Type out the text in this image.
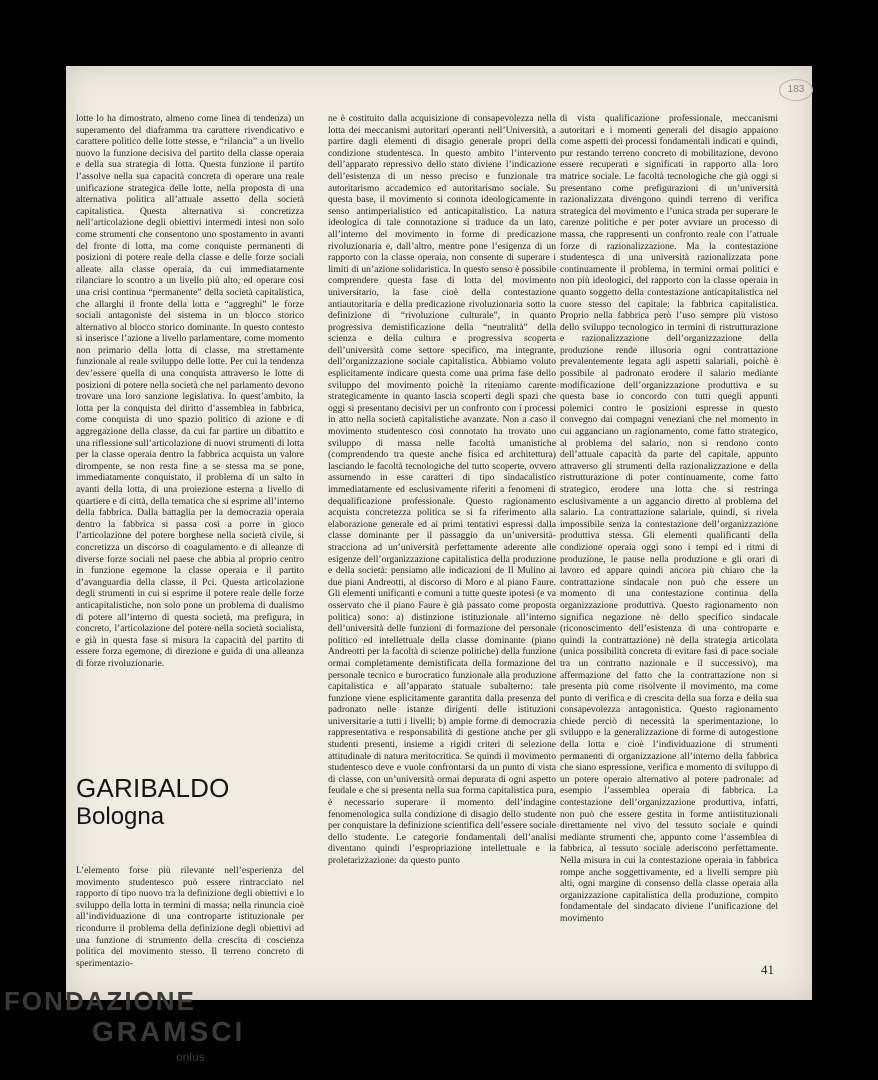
183

lotte lo ha dimostrato, almeno come linea di tendenza) un superamento del diaframma tra carattere rivendicativo e carattere politico delle lotte stesse, e “rilancia” a un livello nuovo la funzione decisiva del partito della classe operaia e della sua strategia di lotta. Questa funzione il partito l’assolve nella sua capacità concreta di operare una reale unificazione strategica delle lotte, nella proposta di una alternativa politica all’attuale assetto della società capitalistica. Questa alternativa si concretizza nell’articolazione degli obiettivi intermedi intesi non solo come strumenti che consentono uno spostamento in avanti del fronte di lotta, ma come conquiste permanenti di posizioni di potere reale della classe e delle forze sociali alleate alla classe operaia, da cui immediatamente rilanciare lo scontro a un livello più alto, ed operare così una crisi continua “permanente” della società capitalistica, che allarghi il fronte della lotta e “aggreghi” le forze sociali antagoniste del sistema in un blocco storico alternativo al blocco storico dominante. In questo contesto si inserisce l’azione a livello parlamentare, come momento non primario della lotta di classe, ma strettamente funzionale al reale sviluppo delle lotte. Per cui la tendenza dev’essere quella di una conquista attraverso le lotte di posizioni di potere nella società che nel parlamento devono trovare una loro sanzione legislativa. In quest’ambito, la lotta per la conquista del diritto d’assemblea in fabbrica, come conquista di uno spazio politico di azione e di aggregazione della classe, da cui far partire un dibattito e una riflessione sull’articolazione di nuovi strumenti di lotta per la classe operaia dentro la fabbrica acquista un valore dirompente, se non resta fine a se stessa ma se pone, immediatamente conquistato, il problema di un salto in avanti della lotta, di una proiezione esterna a livello di quartiere e di città, della tematica che si esprime all’interno della fabbrica. Dalla battaglia per la democrazia operaia dentro la fabbrica si passa così a porre in gioco l’articolazione del potere borghese nella società civile, si concretizza un discorso di coagulamento e di alleanze di diverse forze sociali nel paese che abbia al proprio centro in funzione egemone la classe operaia e il partito d’avanguardia della classe, il Pci. Questa articolazione degli strumenti in cui si esprime il potere reale delle forze anticapitalistiche, non solo pone un problema di dualismo di potere all’interno di questa società, ma prefigura, in concreto, l’articolazione del potere nella società socialista, e già in questa fase si misura la capacità del partito di essere forza egemone, di direzione e guida di una alleanza di forze rivoluzionarie.

GARIBALDO
Bologna

L’elemento forse più rilevante nell’esperienza del movimento studentesco può essere rintracciato nel rapporto di tipo nuovo tra la definizione degli obiettivi e lo sviluppo della lotta in termini di massa; nella rinuncia cioè all’individuazione di una controparte istituzionale per ricondurre il problema della definizione degli obiettivi ad una funzione di strumento della crescita di coscienza politica del movimento stesso. Il terreno concreto di sperimentazio-

ne è costituito dalla acquisizione di consapevolezza nella lotta dei meccanismi autoritari operanti nell’Università, a partire dagli elementi di disagio generale propri della condizione studentesca. In questo ambito l’intervento dell’apparato repressivo dello stato diviene l’indicazione dell’esistenza di un nesso preciso e funzionale tra autoritarismo accademico ed autoritarismo sociale. Su questa base, il movimento si connota ideologicamente in senso antimperialistico ed anticapitalistico. La natura ideologica di tale connotazione si traduce da un lato, all’interno del movimento in forme di predicazione rivoluzionaria e, dall’altro, mentre pone l’esigenza di un rapporto con la classe operaia, non consente di superare i limiti di un’azione solidaristica. In questo senso è possibile comprendere questa fase di lotta del movimento universitario, la fase cioè della contestazione antiautoritaria e della predicazione rivoluzionaria sotto la definizione di “rivoluzione culturale”, in quanto progressiva demistificazione della “neutralità” della scienza e della cultura e progressiva scoperta dell’università come settore specifico, ma integrante, dell’organizzazione sociale capitalistica. Abbiamo voluto esplicitamente indicare questa come una prima fase dello sviluppo del movimento poichè la riteniamo carente strategicamente in quanto lascia scoperti degli spazi che oggi si presentano decisivi per un confronto con i processi in atto nella società capitalistiche avanzate. Non a caso il movimento studentesco così connotato ha trovato uno sviluppo di massa nelle facoltà umanistiche (comprendendo tra queste anche fisica ed architettura) lasciando le facoltà tecnologiche del tutto scoperte, ovvero assumendo in esse caratteri di tipo sindacalistico immediatamente ed esclusivamente riferiti a fenomeni di dequalificazione professionale. Questo ragionamento acquista concretezza politica se si fa riferimento alla elaborazione generale ed ai primi tentativi espressi dalla classe dominante per il passaggio da un’università-stracciona ad un’università perfettamente aderente alle esigenze dell’organizzazione capitalistica della produzione e della società: pensiamo alle indicazioni de Il Mulino ai due piani Andreotti, al discorso di Moro e al piano Faure. Gli elementi unificanti e comuni a tutte queste ipotesi (e va osservato che il piano Faure è già passato come proposta politica) sono: a) distinzione istituzionale all’interno dell’università delle funzioni di formazione del personale politico ed intellettuale della classe dominante (piano Andreotti per la facoltà di scienze politiche) della funzione ormai completamente demistificata della formazione del personale tecnico e burocratico funzionale alla produzione capitalistica e all’apparato statuale subalterno: tale funzione viene esplicitamente garantita dalla presenza del padronato nelle istanze dirigenti delle istituzioni universitarie a tutti i livelli; b) ampie forme di democrazia rappresentativa e responsabilità di gestione anche per gli studenti presenti, insieme a rigidi criteri di selezione attitudinale di natura meritocritica. Se quindi il movimento studentesco deve e vuole confrontarsi da un punto di vista di classe, con un’università ormai depurata di ogni aspetto feudale e che si presenta nella sua forma capitalistica pura, è necessario superare il momento dell’indagine fenomenologica sulla condizione di disagio dello studente per conquistare la definizione scientifica dell’essere sociale dello studente. Le categorie fondamentali dell’analisi diventano quindi l’espropriazione intellettuale e la proletarizzazione: da questo punto

di vista qualificazione professionale, meccanismi autoritari e i momenti generali del disagio appaiono come aspetti dei processi fondamentali indicati e quindi, pur restando terreno concreto di mobilitazione, devono essere recuperati e significati in rapporto alla loro matrice sociale. Le facoltà tecnologiche che già oggi si presentano come prefigurazioni di un’università razionalizzata divengono quindi terreno di verifica strategica del movimento e l’unica strada per superare le carenze politiche e per poter avviare un processo di massa, che rappresenti un confronto reale con l’attuale forze di razionalizzazione. Ma la contestazione studentesca di una università razionalizzata pone continuamente il problema, in termini ormai politici e non più ideologici, del rapporto con la classe operaia in quanto soggetto della contestazione anticapitalistica nel cuore stesso del capitale: la fabbrica capitalistica. Proprio nella fabbrica però l’uso sempre più vistoso dello sviluppo tecnologico in termini di ristrutturazione e razionalizzazione dell’organizzazione della produzione rende illusoria ogni contrattazione prevalentemente legata agli aspetti salariali, poichè è possibile al padronato erodere il salario mediante modificazione dell’organizzazione produttiva e su questa base io concordo con tutti quegli appunti polemici contro le posizioni espresse in questo convegno dai compagni veneziani che nel momento in cui agganciano un ragionamento, come fatto strategico, al problema del salario, non si rendono conto dell’attuale capacità da parte del capitale, appunto attraverso gli strumenti della razionalizzazione e della ristrutturazione di poter continuamente, come fatto strategico, erodere una lotta che si restringa esclusivamente a un aggancio diretto al problema del salario. La contrattazione salariale, quindi, si rivela impossibile senza la contestazione dell’organizzazione produttiva stessa. Gli elementi qualificanti della condizione operaia oggi sono i tempi ed i ritmi di produzione, le pause nella produzione e gli orari di lavoro ed appare quindi ancora più chiaro che la contrattazione sindacale non può che essere un momento di una contestazione continua della organizzazione produttiva. Questo ragionamento non significa negazione nè dello specifico sindacale (riconoscimento dell’esistenza di una controparte e quindi la contrattazione) nè della strategia articolata (unica possibilità concreta di evitare fasi di pace sociale tra un contratto nazionale e il successivo), ma affermazione del fatto che la contrattazione non si presenta più come risolvente il movimento, ma come punto di verifica e di crescita della sua forza e della sua consapevolezza antagonistica. Questo ragionamento chiede perciò di necessità la sperimentazione, lo sviluppo e la generalizzazione di forme di autogestione della lotta e cioè l’individuazione di strumenti permanenti di organizzazione all’interno della fabbrica che siano espressione, verifica e momento di sviluppo di un potere operaio alternativo al potere padronale: ad esempio l’assemblea operaia di fabbrica. La contestazione dell’organizzazione produttiva, infatti, non può che essere gestita in forme antiistituzionali direttamente nel vivo del tessuto sociale e quindi mediante strumenti che, appunto come l’assemblea di fabbrica, al tessuto sociale aderiscono perfettamente. Nella misura in cui la contestazione operaia in fabbrica rompe anche soggettivamente, ed a livelli sempre più alti, ogni margine di consenso della classe operaia alla organizzazione capitalistica della produzione, compito fondamentale del sindacato diviene l’unificazione del movimento

41
FONDAZIONE
GRAMSCI
onlus
